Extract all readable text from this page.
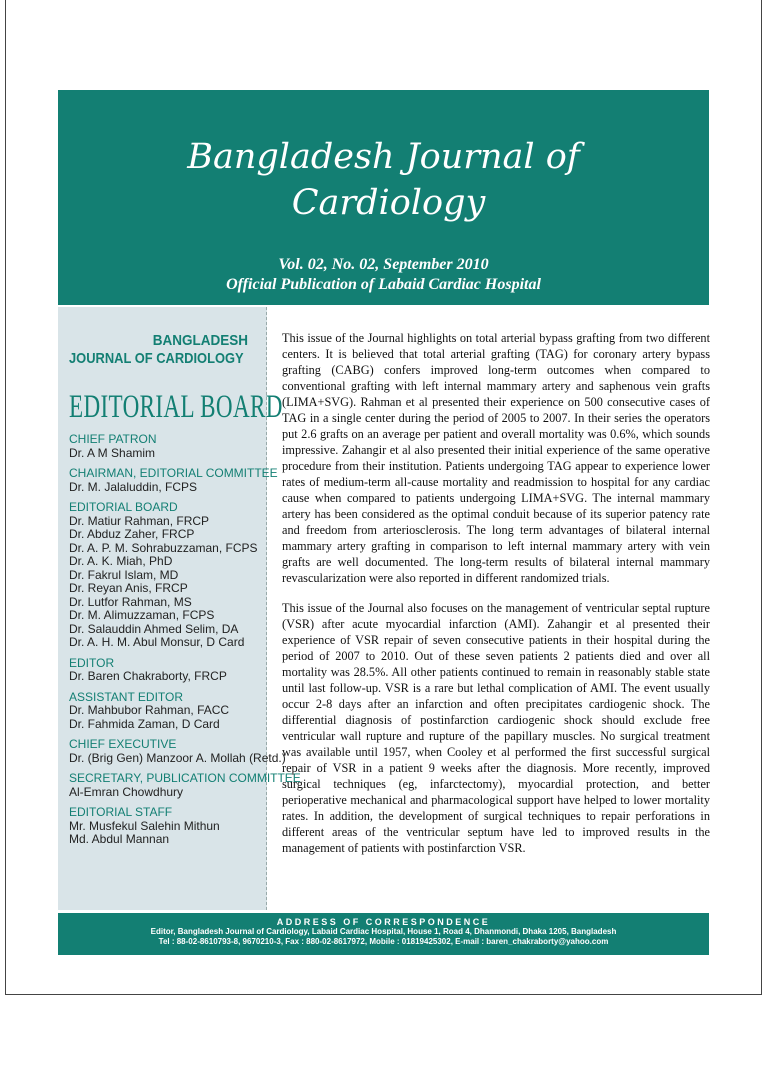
Bangladesh Journal of
Cardiology
Vol. 02, No. 02, September 2010
Official Publication of Labaid Cardiac Hospital
BANGLADESH
JOURNAL OF CARDIOLOGY
EDITORIAL BOARD
CHIEF PATRON
Dr. A M Shamim
CHAIRMAN, EDITORIAL COMMITTEE
Dr. M. Jalaluddin, FCPS
EDITORIAL BOARD
Dr. Matiur Rahman, FRCP
Dr. Abduz Zaher, FRCP
Dr. A. P. M. Sohrabuzzaman, FCPS
Dr. A. K. Miah, PhD
Dr. Fakrul Islam, MD
Dr. Reyan Anis, FRCP
Dr. Lutfor Rahman, MS
Dr. M. Alimuzzaman, FCPS
Dr. Salauddin Ahmed Selim, DA
Dr. A. H. M. Abul Monsur, D Card
EDITOR
Dr. Baren Chakraborty, FRCP
ASSISTANT EDITOR
Dr. Mahbubor Rahman, FACC
Dr. Fahmida Zaman, D Card
CHIEF EXECUTIVE
Dr. (Brig Gen) Manzoor A. Mollah (Retd.)
SECRETARY, PUBLICATION COMMITTEE
Al-Emran Chowdhury
EDITORIAL STAFF
Mr. Musfekul Salehin Mithun
Md. Abdul Mannan

This issue of the Journal highlights on total arterial bypass grafting from two different centers. It is believed that total arterial grafting (TAG) for coronary artery bypass grafting (CABG) confers improved long-term outcomes when compared to conventional grafting with left internal mammary artery and saphenous vein grafts (LIMA+SVG). Rahman et al presented their experience on 500 consecutive cases of TAG in a single center during the period of 2005 to 2007. In their series the operators put 2.6 grafts on an average per patient and overall mortality was 0.6%, which sounds impressive. Zahangir et al also presented their initial experience of the same operative procedure from their institution. Patients undergoing TAG appear to experience lower rates of medium-term all-cause mortality and readmission to hospital for any cardiac cause when compared to patients undergoing LIMA+SVG. The internal mammary artery has been considered as the optimal conduit because of its superior patency rate and freedom from arteriosclerosis. The long term advantages of bilateral internal mammary artery grafting in comparison to left internal mammary artery with vein grafts are well documented. The long-term results of bilateral internal mammary revascularization were also reported in different randomized trials.

This issue of the Journal also focuses on the management of ventricular septal rupture (VSR) after acute myocardial infarction (AMI). Zahangir et al presented their experience of VSR repair of seven consecutive patients in their hospital during the period of 2007 to 2010. Out of these seven patients 2 patients died and over all mortality was 28.5%. All other patients continued to remain in reasonably stable state until last follow-up. VSR is a rare but lethal complication of AMI. The event usually occur 2-8 days after an infarction and often precipitates cardiogenic shock. The differential diagnosis of postinfarction cardiogenic shock should exclude free ventricular wall rupture and rupture of the papillary muscles. No surgical treatment was available until 1957, when Cooley et al performed the first successful surgical repair of VSR in a patient 9 weeks after the diagnosis. More recently, improved surgical techniques (eg, infarctectomy), myocardial protection, and better perioperative mechanical and pharmacological support have helped to lower mortality rates. In addition, the development of surgical techniques to repair perforations in different areas of the ventricular septum have led to improved results in the management of patients with postinfarction VSR.

ADDRESS OF CORRESPONDENCE
Editor, Bangladesh Journal of Cardiology, Labaid Cardiac Hospital, House 1, Road 4, Dhanmondi, Dhaka 1205, Bangladesh
Tel : 88-02-8610793-8, 9670210-3, Fax : 880-02-8617972, Mobile : 01819425302, E-mail : baren_chakraborty@yahoo.com
